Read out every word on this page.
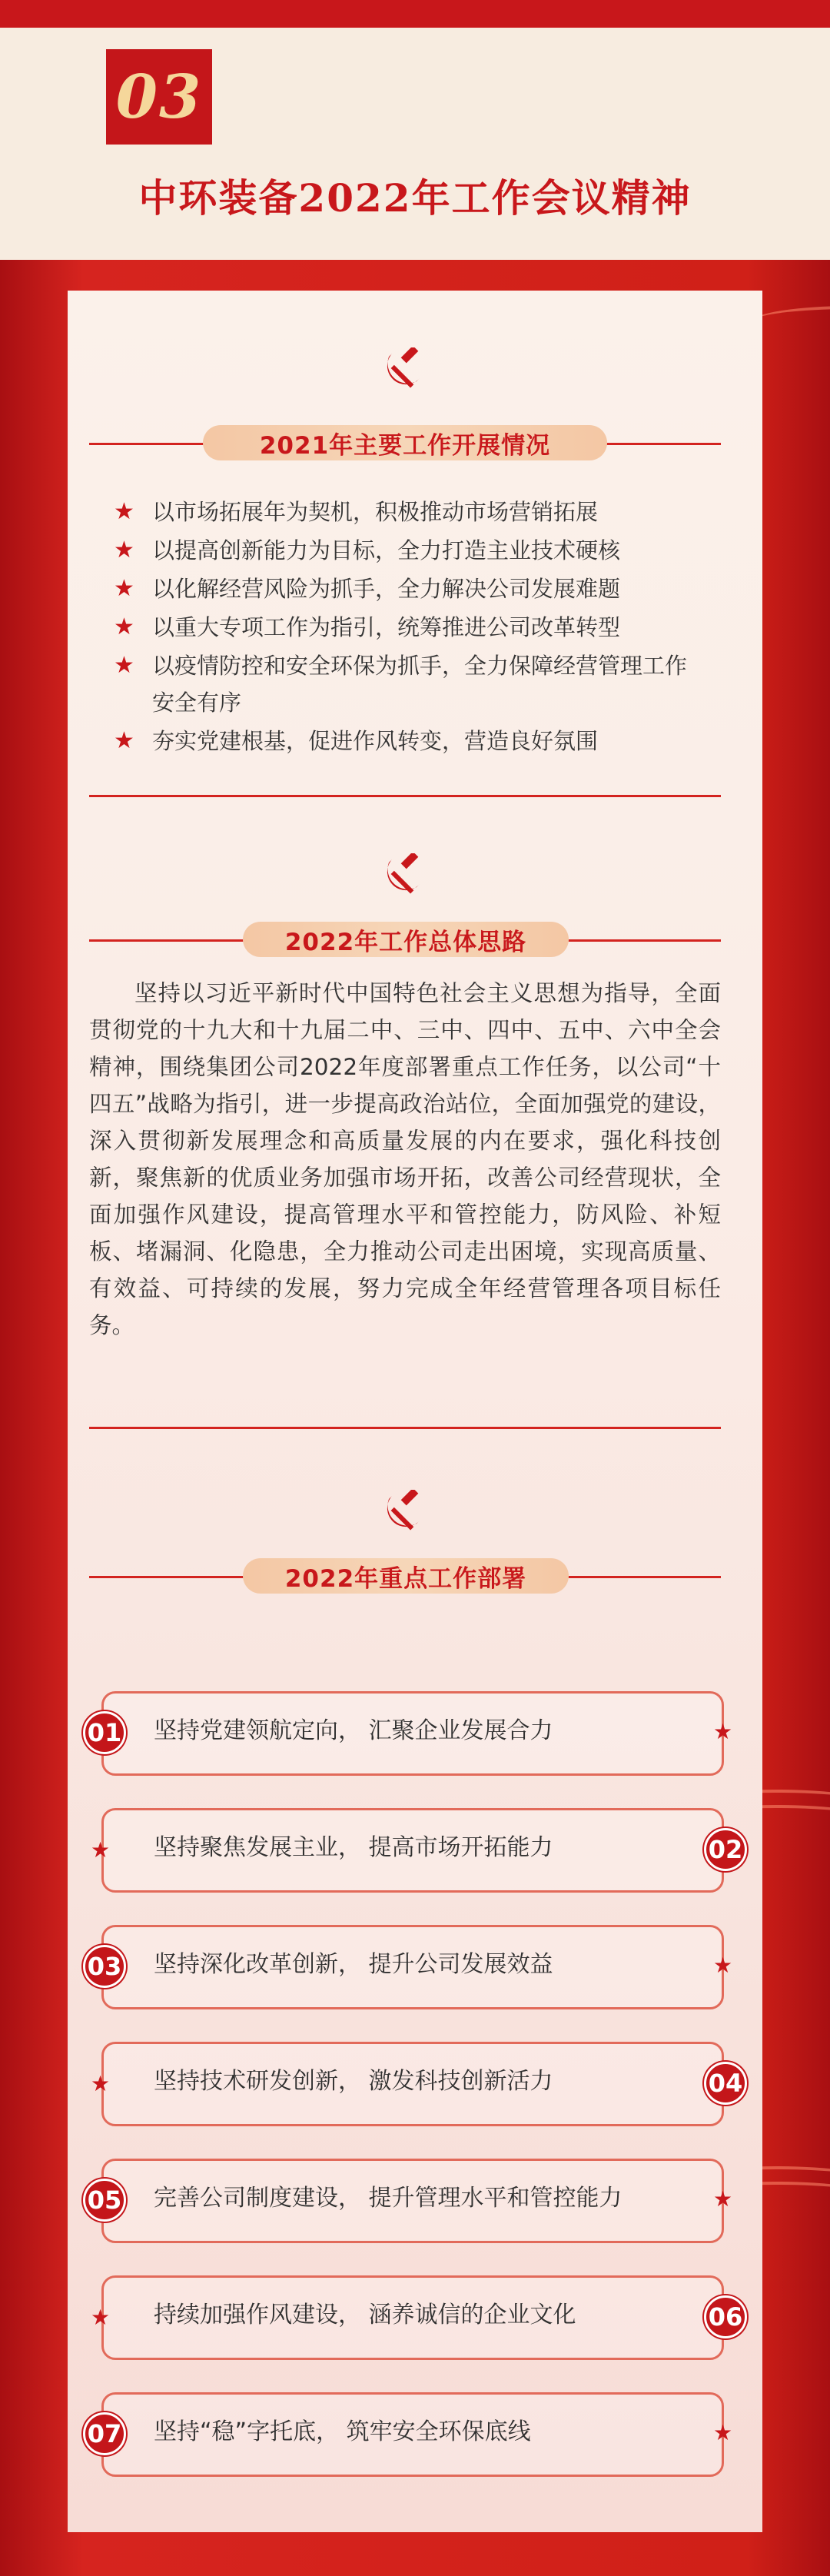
03
中环装备2022年工作会议精神
2021年主要工作开展情况
★ 以市场拓展年为契机，积极推动市场营销拓展
★ 以提高创新能力为目标，全力打造主业技术硬核
★ 以化解经营风险为抓手，全力解决公司发展难题
★ 以重大专项工作为指引，统筹推进公司改革转型
★ 以疫情防控和安全环保为抓手，全力保障经营管理工作安全有序
★ 夯实党建根基，促进作风转变，营造良好氛围
2022年工作总体思路
坚持以习近平新时代中国特色社会主义思想为指导，全面贯彻党的十九大和十九届二中、三中、四中、五中、六中全会精神，围绕集团公司2022年度部署重点工作任务，以公司“十四五”战略为指引，进一步提高政治站位，全面加强党的建设，深入贯彻新发展理念和高质量发展的内在要求，强化科技创新，聚焦新的优质业务加强市场开拓，改善公司经营现状，全面加强作风建设，提高管理水平和管控能力，防风险、补短板、堵漏洞、化隐患，全力推动公司走出困境，实现高质量、有效益、可持续的发展，努力完成全年经营管理各项目标任务。
2022年重点工作部署
01 坚持党建领航定向， 汇聚企业发展合力	★
02
坚持聚焦发展主业， 提高市场开拓能力
★
03 坚持深化改革创新， 提升公司发展效益	★
04
坚持技术研发创新， 激发科技创新活力
★
05 完善公司制度建设， 提升管理水平和管控能力	★
06
持续加强作风建设， 涵养诚信的企业文化
★
07 坚持“稳”字托底， 筑牢安全环保底线	★
